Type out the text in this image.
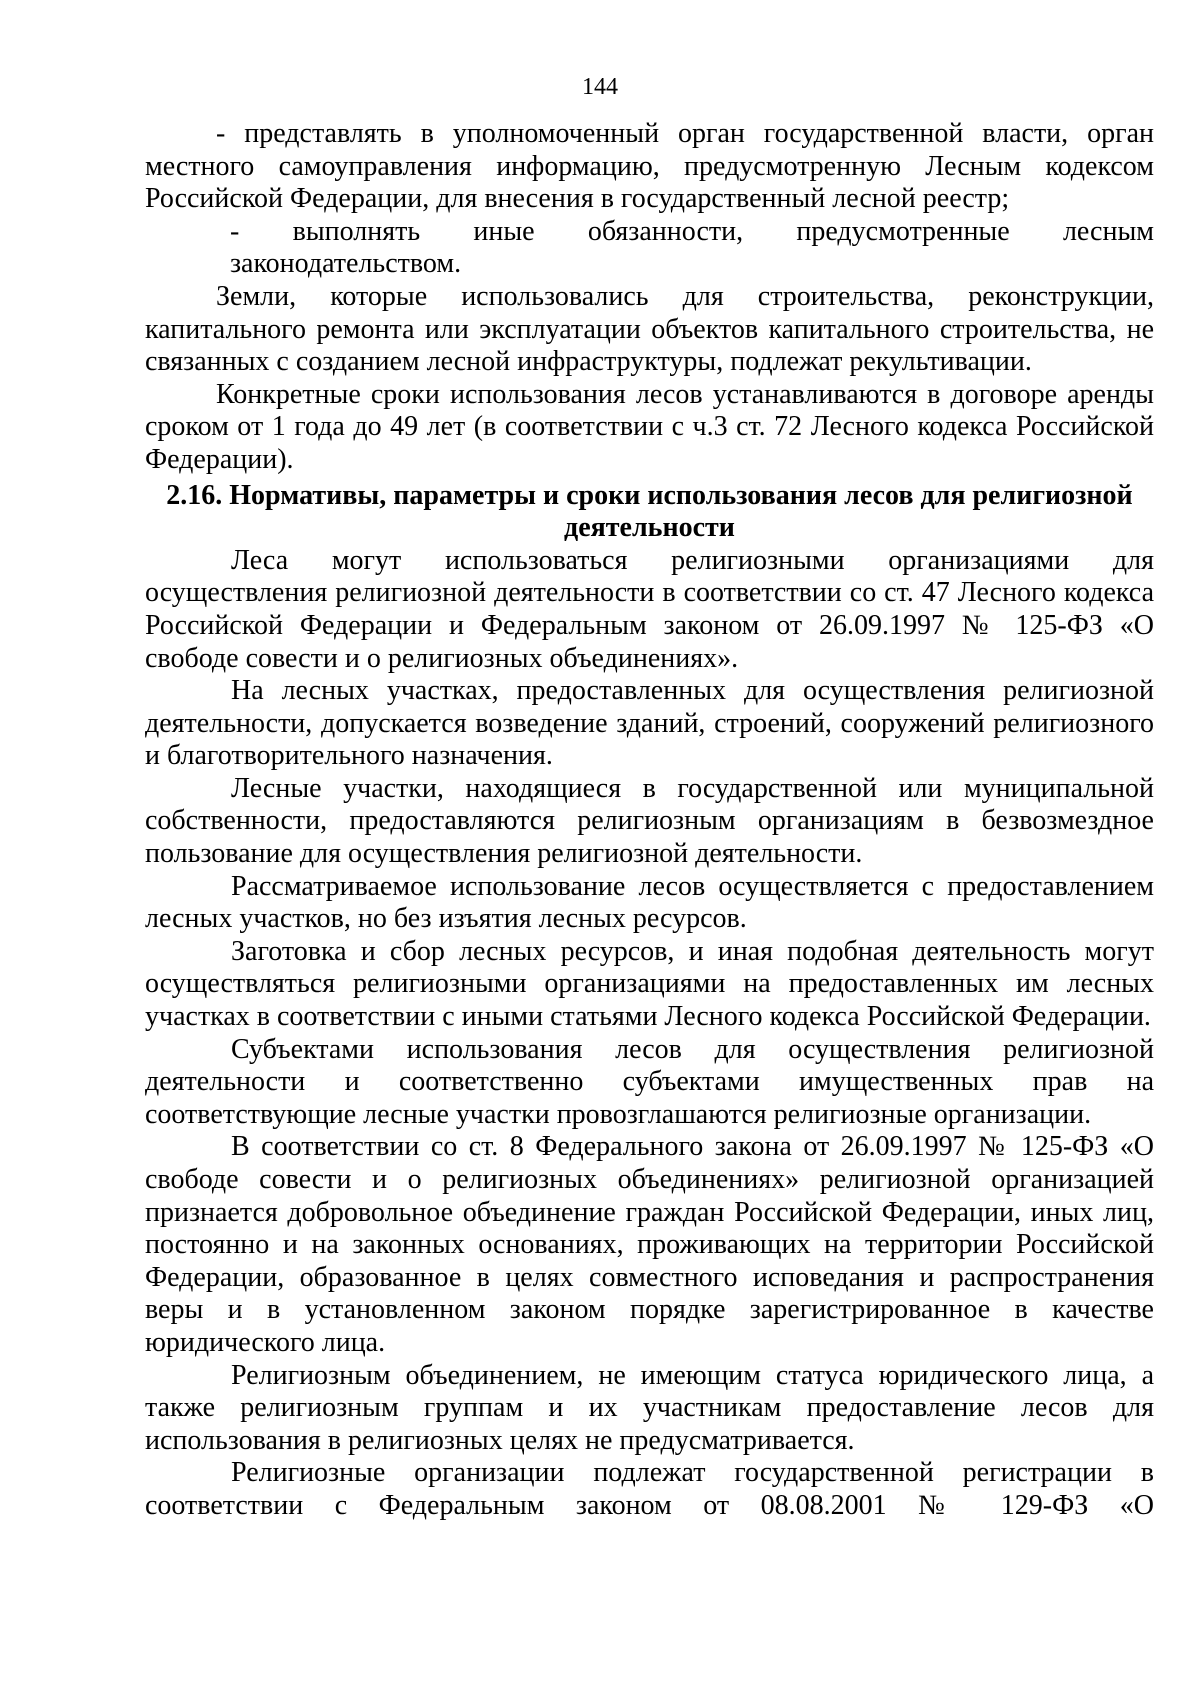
144

- представлять в уполномоченный орган государственной власти, орган местного самоуправления информацию, предусмотренную Лесным кодексом Российской Федерации, для внесения в государственный лесной реестр;

- выполнять иные обязанности, предусмотренные лесным законодательством.

Земли, которые использовались для строительства, реконструкции, капитального ремонта или эксплуатации объектов капитального строительства, не связанных с созданием лесной инфраструктуры, подлежат рекультивации.

Конкретные сроки использования лесов устанавливаются в договоре аренды сроком от 1 года до 49 лет (в соответствии с ч.3 ст. 72 Лесного кодекса Российской Федерации).

2.16. Нормативы, параметры и сроки использования лесов для религиозной деятельности

Леса могут использоваться религиозными организациями для осуществления религиозной деятельности в соответствии со ст. 47 Лесного кодекса Российской Федерации и Федеральным законом от 26.09.1997 № 125-ФЗ «О свободе совести и о религиозных объединениях».

На лесных участках, предоставленных для осуществления религиозной деятельности, допускается возведение зданий, строений, сооружений религиозного и благотворительного назначения.

Лесные участки, находящиеся в государственной или муниципальной собственности, предоставляются религиозным организациям в безвозмездное пользование для осуществления религиозной деятельности.

Рассматриваемое использование лесов осуществляется с предоставлением лесных участков, но без изъятия лесных ресурсов.

Заготовка и сбор лесных ресурсов, и иная подобная деятельность могут осуществляться религиозными организациями на предоставленных им лесных участках в соответствии с иными статьями Лесного кодекса Российской Федерации.

Субъектами использования лесов для осуществления религиозной деятельности и соответственно субъектами имущественных прав на соответствующие лесные участки провозглашаются религиозные организации.

В соответствии со ст. 8 Федерального закона от 26.09.1997 № 125-ФЗ «О свободе совести и о религиозных объединениях» религиозной организацией признается добровольное объединение граждан Российской Федерации, иных лиц, постоянно и на законных основаниях, проживающих на территории Российской Федерации, образованное в целях совместного исповедания и распространения веры и в установленном законом порядке зарегистрированное в качестве юридического лица.

Религиозным объединением, не имеющим статуса юридического лица, а также религиозным группам и их участникам предоставление лесов для использования в религиозных целях не предусматривается.

Религиозные организации подлежат государственной регистрации в соответствии с Федеральным законом от 08.08.2001 № 129-ФЗ «О
